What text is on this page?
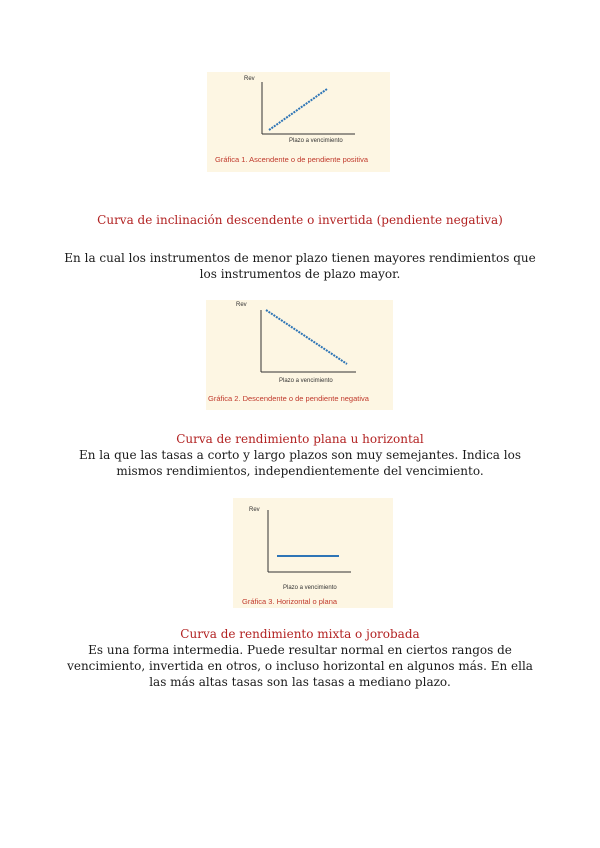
Rev
Plazo a vencimiento
Gráfica 1. Ascendente o de pendiente positiva
Curva de inclinación descendente o invertida (pendiente negativa)
En la cual los instrumentos de menor plazo tienen mayores rendimientos que los instrumentos de plazo mayor.
Rev
Plazo a vencimiento
Gráfica 2. Descendente o de pendiente negativa
Curva de rendimiento plana u horizontal
En la que las tasas a corto y largo plazos son muy semejantes. Indica los mismos rendimientos, independientemente del vencimiento.
Rev
Plazo a vencimiento
Gráfica 3. Horizontal o plana
Curva de rendimiento mixta o jorobada
Es una forma intermedia. Puede resultar normal en ciertos rangos de vencimiento, invertida en otros, o incluso horizontal en algunos más. En ella las más altas tasas son las tasas a mediano plazo.
